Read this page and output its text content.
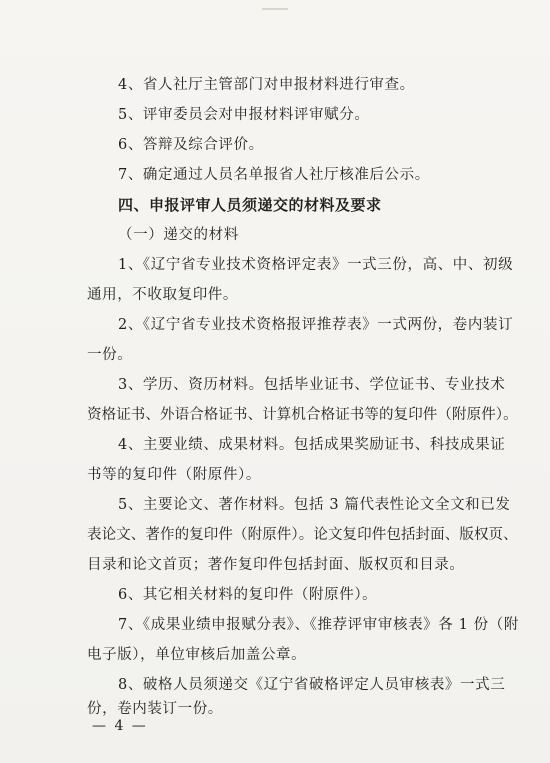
4、省人社厅主管部门对申报材料进行审查。
5、评审委员会对申报材料评审赋分。
6、答辩及综合评价。
7、确定通过人员名单报省人社厅核准后公示。
四、申报评审人员须递交的材料及要求
（一）递交的材料
1、《辽宁省专业技术资格评定表》一式三份，高、中、初级
通用，不收取复印件。
2、《辽宁省专业技术资格报评推荐表》一式两份，卷内装订
一份。
3、学历、资历材料。包括毕业证书、学位证书、专业技术
资格证书、外语合格证书、计算机合格证书等的复印件（附原件）。
4、主要业绩、成果材料。包括成果奖励证书、科技成果证
书等的复印件（附原件）。
5、主要论文、著作材料。包括 3 篇代表性论文全文和已发
表论文、著作的复印件（附原件）。论文复印件包括封面、版权页、
目录和论文首页；著作复印件包括封面、版权页和目录。
6、其它相关材料的复印件（附原件）。
7、《成果业绩申报赋分表》、《推荐评审审核表》各 1 份（附
电子版），单位审核后加盖公章。
8、破格人员须递交《辽宁省破格评定人员审核表》一式三
份，卷内装订一份。
— 4 —
